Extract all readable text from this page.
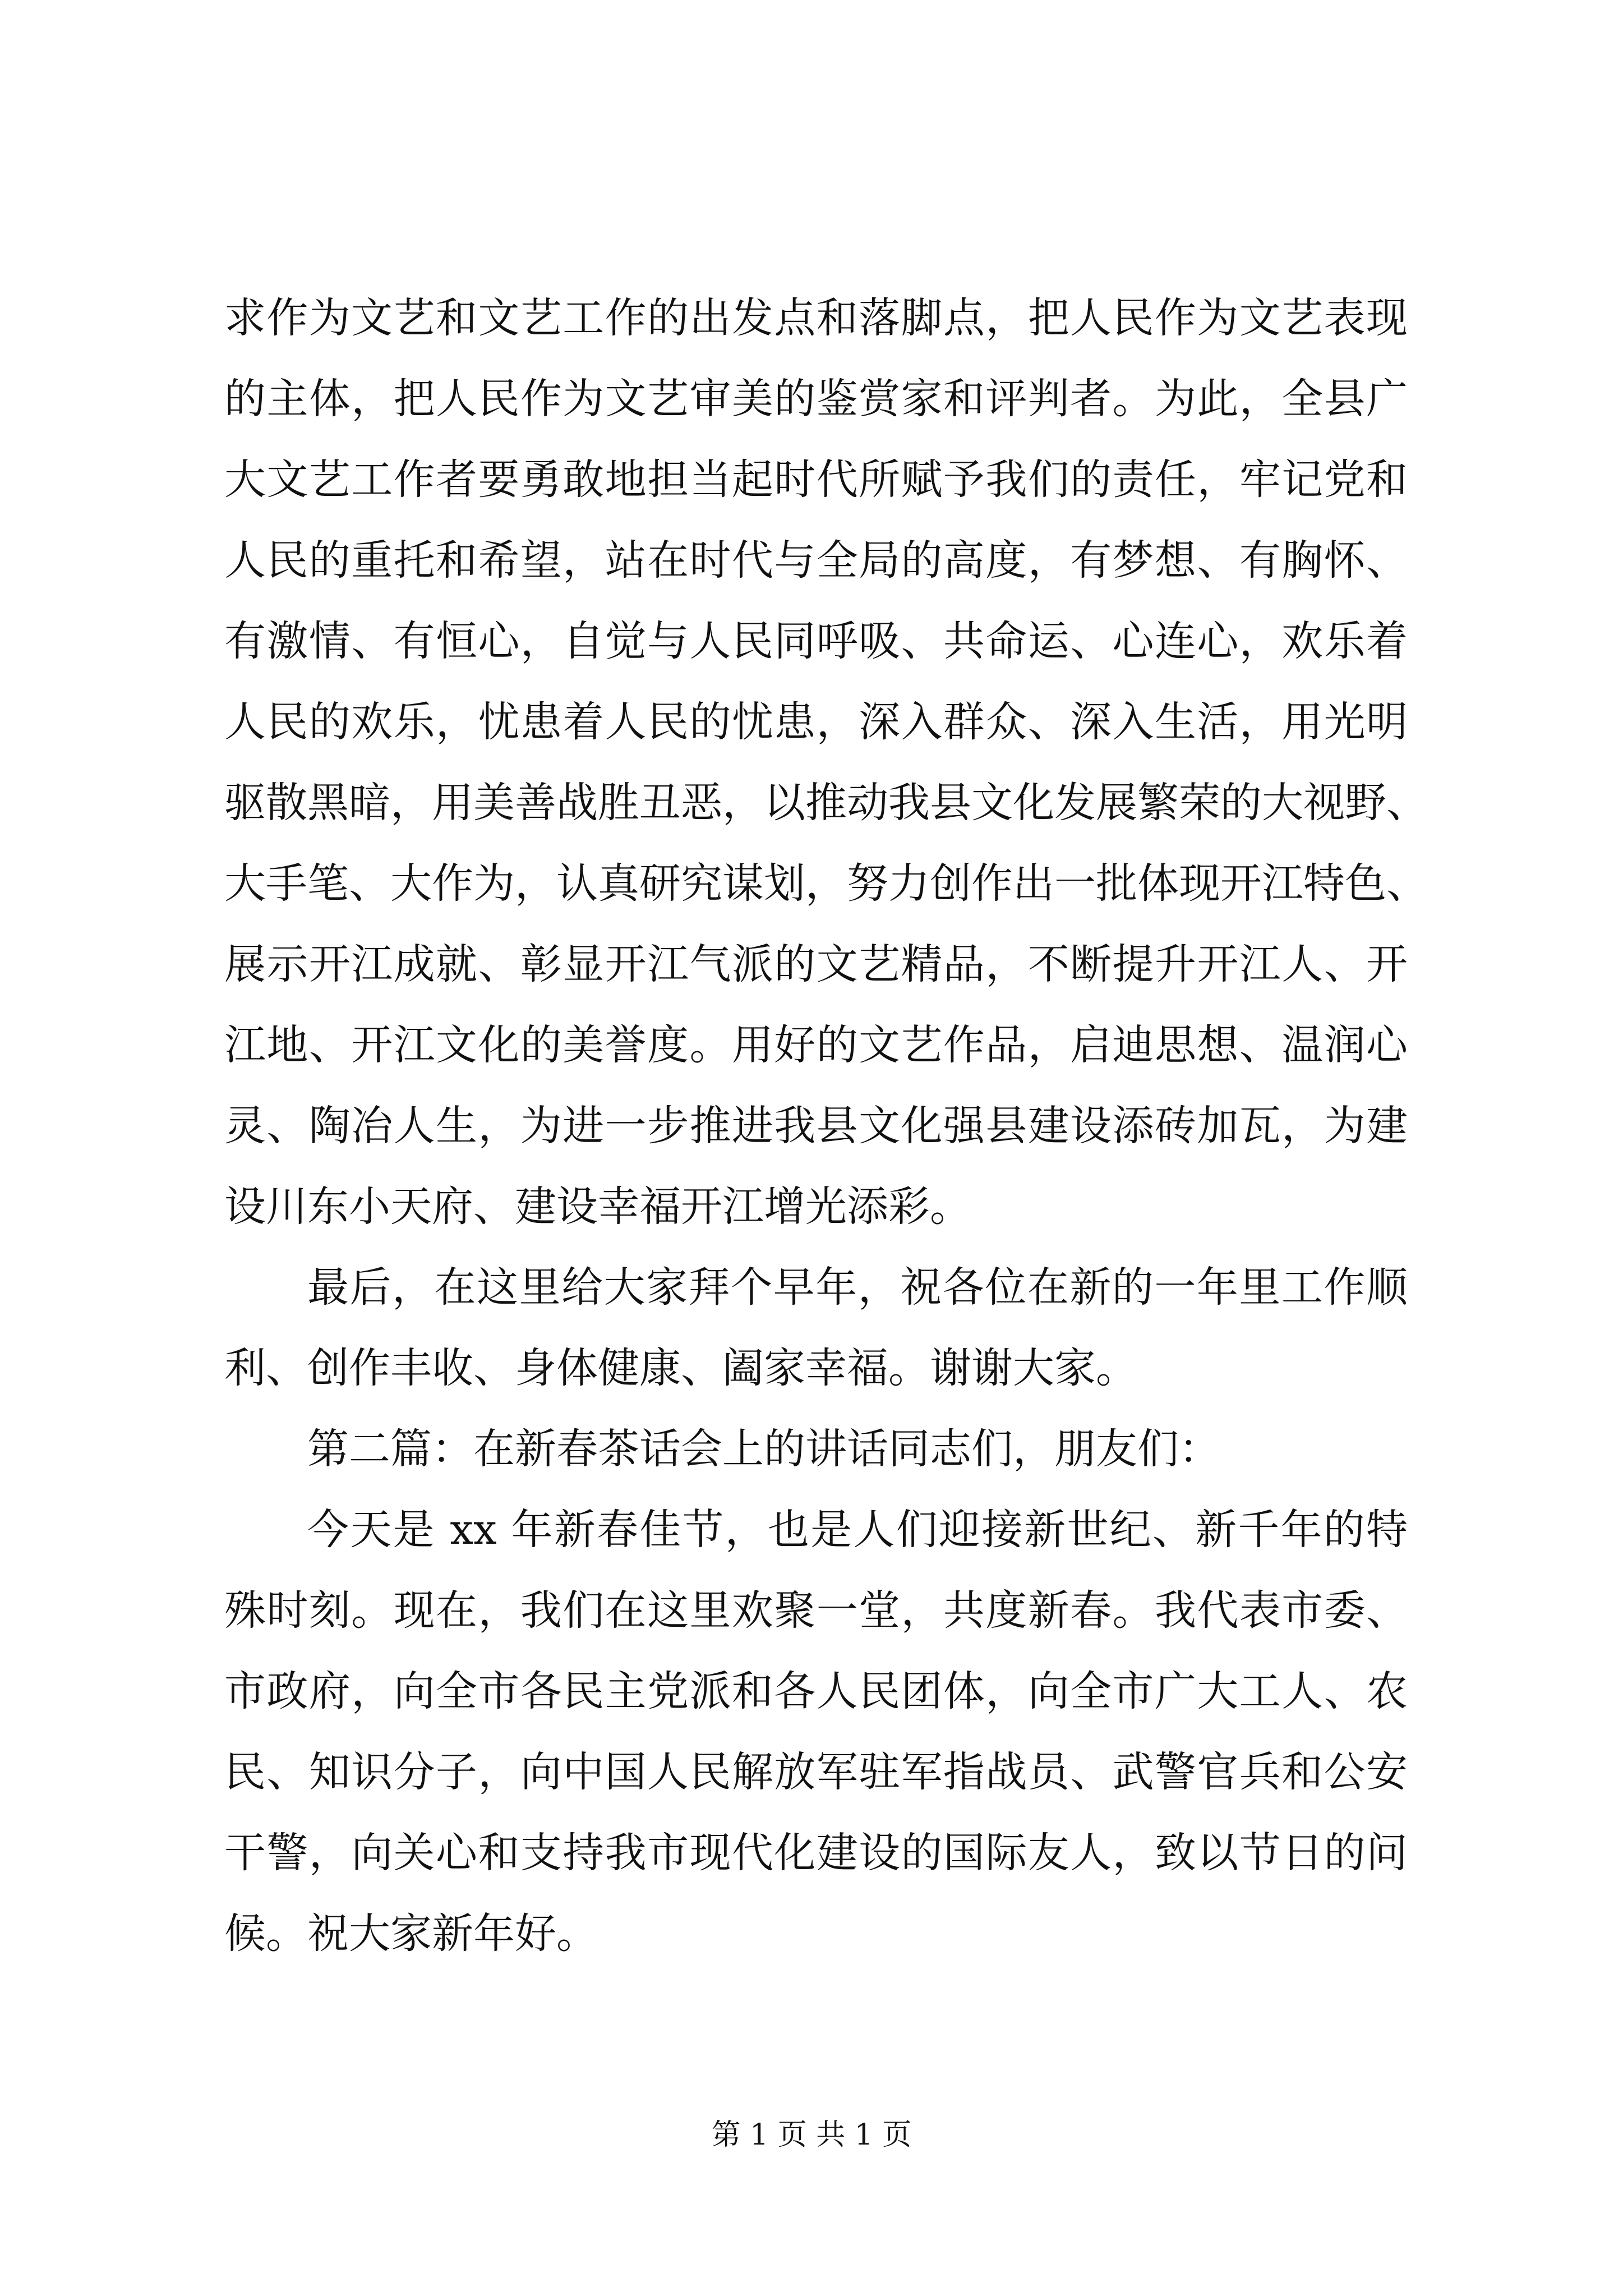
求作为文艺和文艺工作的出发点和落脚点，把人民作为文艺表现
的主体，把人民作为文艺审美的鉴赏家和评判者。为此，全县广
大文艺工作者要勇敢地担当起时代所赋予我们的责任，牢记党和
人民的重托和希望，站在时代与全局的高度，有梦想、有胸怀、
有激情、有恒心，自觉与人民同呼吸、共命运、心连心，欢乐着
人民的欢乐，忧患着人民的忧患，深入群众、深入生活，用光明
驱散黑暗，用美善战胜丑恶，以推动我县文化发展繁荣的大视野、
大手笔、大作为，认真研究谋划，努力创作出一批体现开江特色、
展示开江成就、彰显开江气派的文艺精品，不断提升开江人、开
江地、开江文化的美誉度。用好的文艺作品，启迪思想、温润心
灵、陶冶人生，为进一步推进我县文化强县建设添砖加瓦，为建
设川东小天府、建设幸福开江增光添彩。
最后，在这里给大家拜个早年，祝各位在新的一年里工作顺
利、创作丰收、身体健康、阖家幸福。谢谢大家。
第二篇：在新春茶话会上的讲话同志们，朋友们：
今天是 xx 年新春佳节，也是人们迎接新世纪、新千年的特
殊时刻。现在，我们在这里欢聚一堂，共度新春。我代表市委、
市政府，向全市各民主党派和各人民团体，向全市广大工人、农
民、知识分子，向中国人民解放军驻军指战员、武警官兵和公安
干警，向关心和支持我市现代化建设的国际友人，致以节日的问
候。祝大家新年好。
第 1 页 共 1 页
